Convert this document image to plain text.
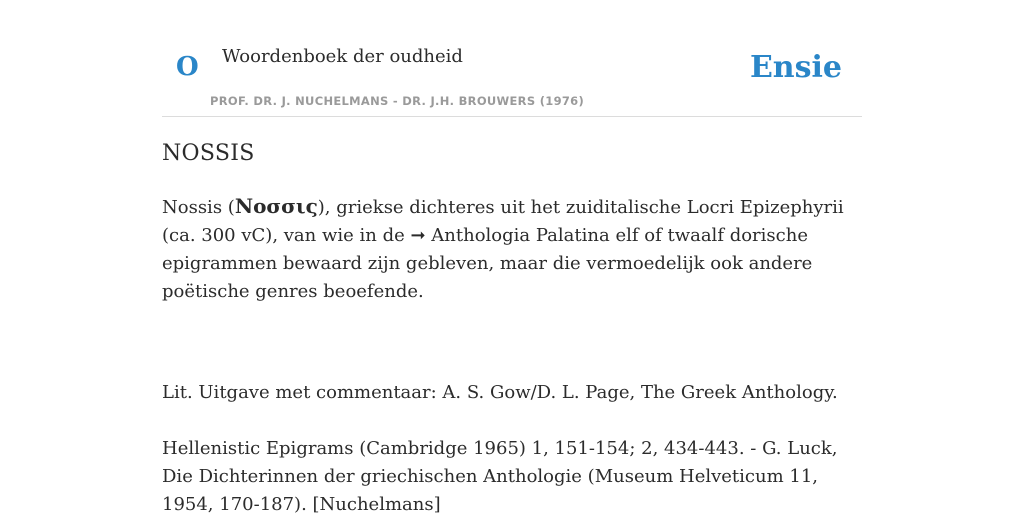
O Woordenboek der oudheid
PROF. DR. J. NUCHELMANS - DR. J.H. BROUWERS (1976)
Ensie
NOSSIS

Nossis (Νοσσις), griekse dichteres uit het zuiditalische Locri Epizephyrii (ca. 300 vC), van wie in de ➞ Anthologia Palatina elf of twaalf dorische epigrammen bewaard zijn gebleven, maar die vermoedelijk ook andere poëtische genres beoefende.

Lit. Uitgave met commentaar: A. S. Gow/D. L. Page, The Greek Anthology.

Hellenistic Epigrams (Cambridge 1965) 1, 151-154; 2, 434-443. - G. Luck, Die Dichterinnen der griechischen Anthologie (Museum Helveticum 11, 1954, 170-187). [Nuchelmans]
